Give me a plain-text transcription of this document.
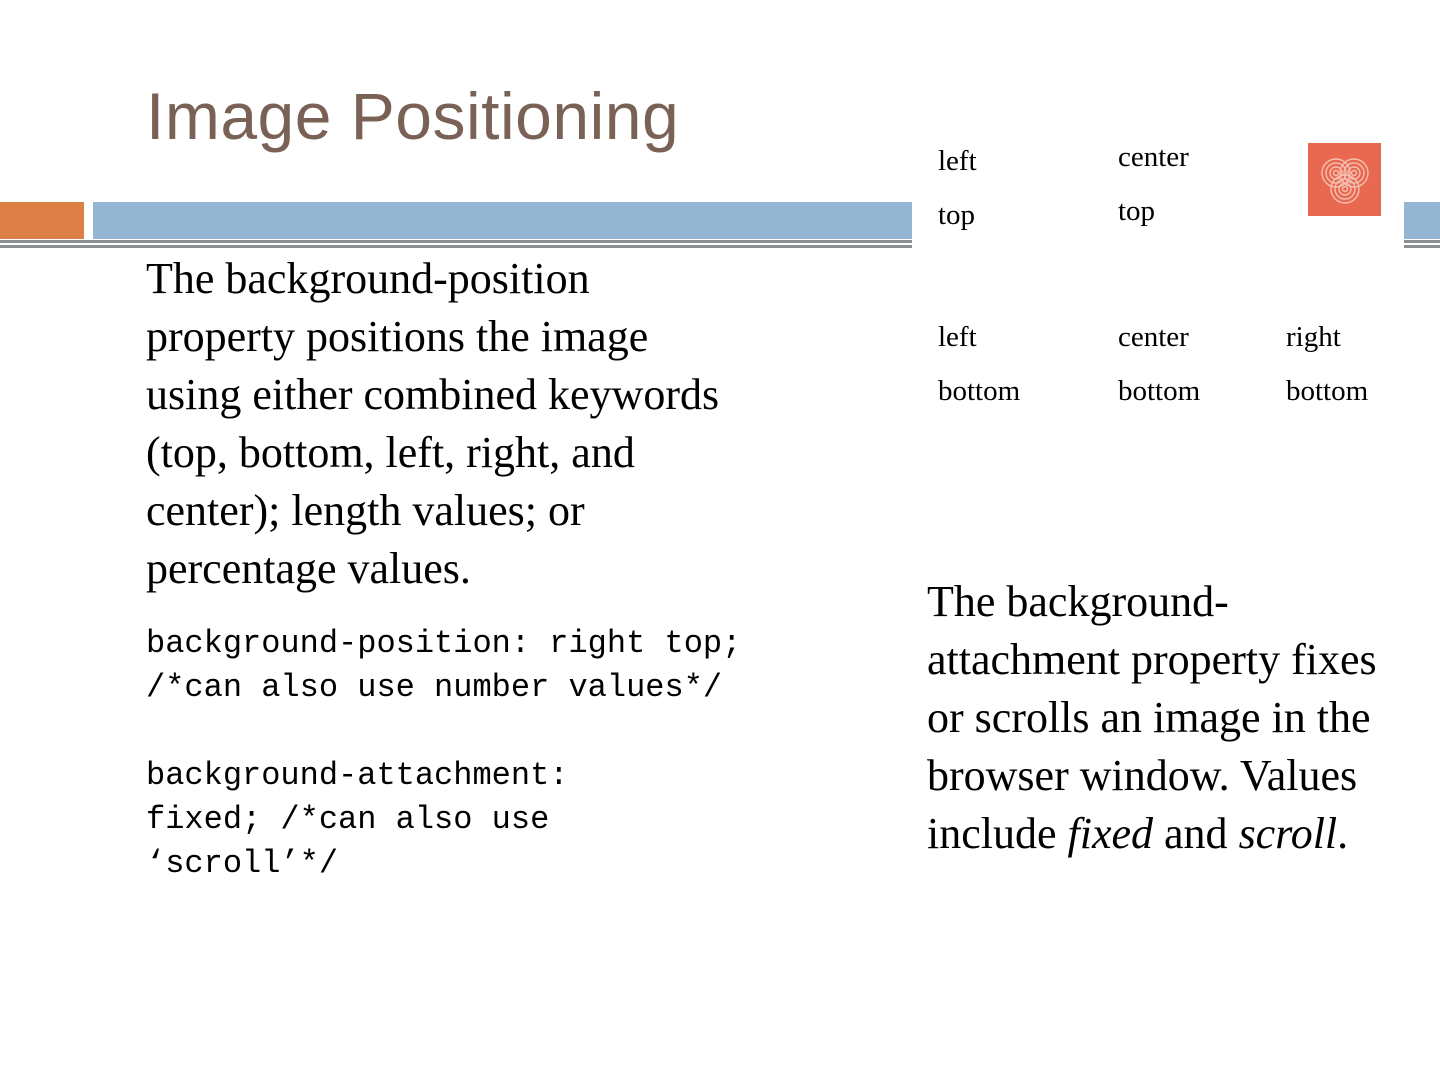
Image Positioning
The background-position property positions the image using either combined keywords (top, bottom, left, right, and center); length values; or percentage values.
background-position: right top;
/*can also use number values*/

background-attachment:
fixed; /*can also use
‘scroll’*/
left
top
center
top
left
bottom
center
bottom
right
bottom
The background-attachment property fixes or scrolls an image in the browser window. Values include fixed and scroll.
